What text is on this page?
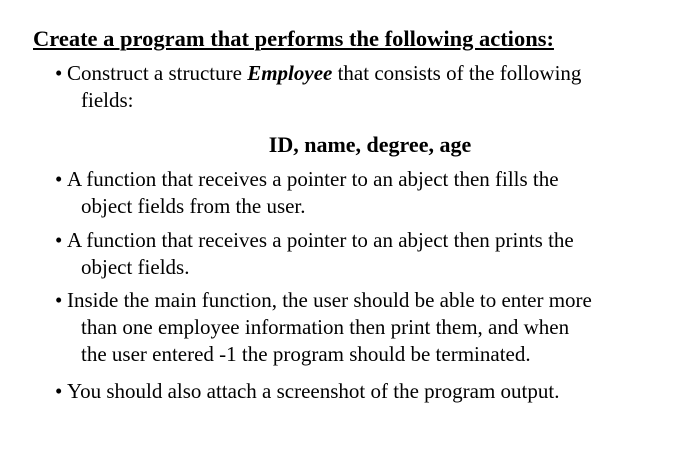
Create a program that performs the following actions:
• Construct a structure Employee that consists of the following
fields:

ID, name, degree, age

• A function that receives a pointer to an abject then fills the
object fields from the user.
• A function that receives a pointer to an abject then prints the
object fields.
• Inside the main function, the user should be able to enter more
than one employee information then print them, and when
the user entered -1 the program should be terminated.
• You should also attach a screenshot of the program output.
